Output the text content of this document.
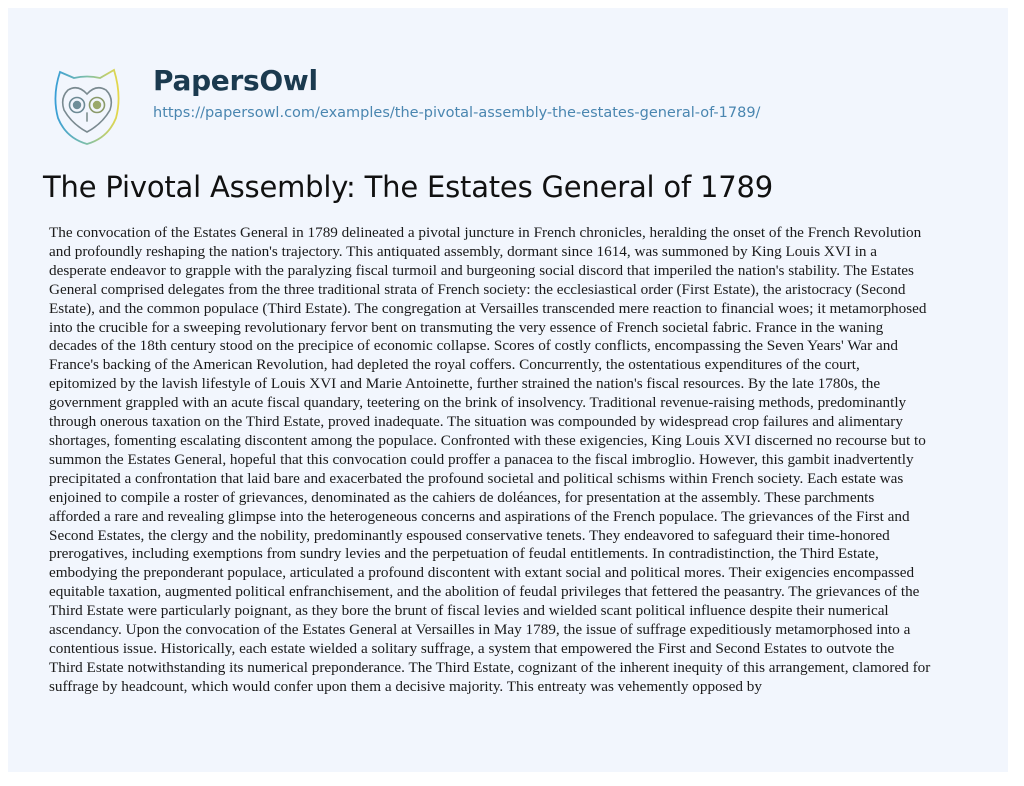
PapersOwl
https://papersowl.com/examples/the-pivotal-assembly-the-estates-general-of-1789/
The Pivotal Assembly: The Estates General of 1789
The convocation of the Estates General in 1789 delineated a pivotal juncture in French chronicles, heralding the onset of the French Revolution
and profoundly reshaping the nation's trajectory. This antiquated assembly, dormant since 1614, was summoned by King Louis XVI in a
desperate endeavor to grapple with the paralyzing fiscal turmoil and burgeoning social discord that imperiled the nation's stability. The Estates
General comprised delegates from the three traditional strata of French society: the ecclesiastical order (First Estate), the aristocracy (Second
Estate), and the common populace (Third Estate). The congregation at Versailles transcended mere reaction to financial woes; it metamorphosed
into the crucible for a sweeping revolutionary fervor bent on transmuting the very essence of French societal fabric. France in the waning
decades of the 18th century stood on the precipice of economic collapse. Scores of costly conflicts, encompassing the Seven Years' War and
France's backing of the American Revolution, had depleted the royal coffers. Concurrently, the ostentatious expenditures of the court,
epitomized by the lavish lifestyle of Louis XVI and Marie Antoinette, further strained the nation's fiscal resources. By the late 1780s, the
government grappled with an acute fiscal quandary, teetering on the brink of insolvency. Traditional revenue-raising methods, predominantly
through onerous taxation on the Third Estate, proved inadequate. The situation was compounded by widespread crop failures and alimentary
shortages, fomenting escalating discontent among the populace. Confronted with these exigencies, King Louis XVI discerned no recourse but to
summon the Estates General, hopeful that this convocation could proffer a panacea to the fiscal imbroglio. However, this gambit inadvertently
precipitated a confrontation that laid bare and exacerbated the profound societal and political schisms within French society. Each estate was
enjoined to compile a roster of grievances, denominated as the cahiers de doléances, for presentation at the assembly. These parchments
afforded a rare and revealing glimpse into the heterogeneous concerns and aspirations of the French populace. The grievances of the First and
Second Estates, the clergy and the nobility, predominantly espoused conservative tenets. They endeavored to safeguard their time-honored
prerogatives, including exemptions from sundry levies and the perpetuation of feudal entitlements. In contradistinction, the Third Estate,
embodying the preponderant populace, articulated a profound discontent with extant social and political mores. Their exigencies encompassed
equitable taxation, augmented political enfranchisement, and the abolition of feudal privileges that fettered the peasantry. The grievances of the
Third Estate were particularly poignant, as they bore the brunt of fiscal levies and wielded scant political influence despite their numerical
ascendancy. Upon the convocation of the Estates General at Versailles in May 1789, the issue of suffrage expeditiously metamorphosed into a
contentious issue. Historically, each estate wielded a solitary suffrage, a system that empowered the First and Second Estates to outvote the
Third Estate notwithstanding its numerical preponderance. The Third Estate, cognizant of the inherent inequity of this arrangement, clamored for
suffrage by headcount, which would confer upon them a decisive majority. This entreaty was vehemently opposed by
